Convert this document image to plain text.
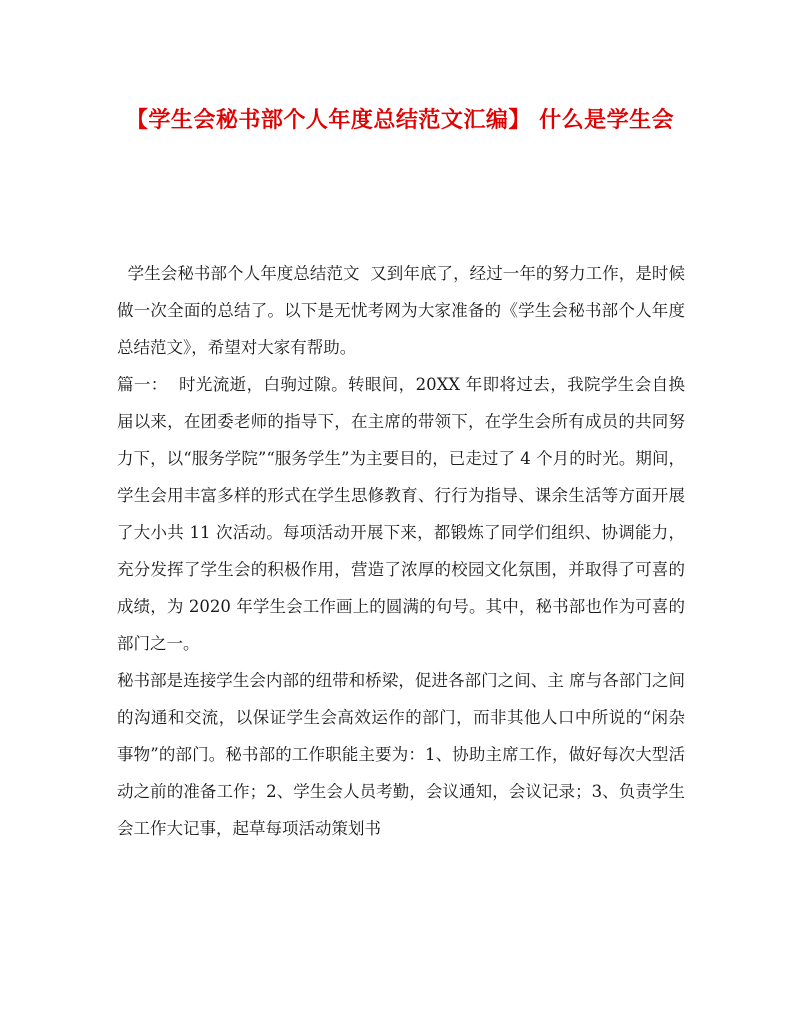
【学生会秘书部个人年度总结范文汇编】 什么是学生会

学生会秘书部个人年度总结范文  又到年底了，经过一年的努力工作，是时候做一次全面的总结了。以下是无忧考网为大家准备的《学生会秘书部个人年度总结范文》，希望对大家有帮助。

篇一：  时光流逝，白驹过隙。转眼间，20XX 年即将过去，我院学生会自换届以来，在团委老师的指导下，在主席的带领下，在学生会所有成员的共同努力下，以“服务学院”“服务学生”为主要目的，已走过了 4 个月的时光。期间，学生会用丰富多样的形式在学生思修教育、行行为指导、课余生活等方面开展了大小共 11 次活动。每项活动开展下来，都锻炼了同学们组织、协调能力，充分发挥了学生会的积极作用，营造了浓厚的校园文化氛围，并取得了可喜的成绩，为 2020 年学生会工作画上的圆满的句号。其中，秘书部也作为可喜的部门之一。

秘书部是连接学生会内部的纽带和桥梁，促进各部门之间、主 席与各部门之间的沟通和交流，以保证学生会高效运作的部门，而非其他人口中所说的“闲杂事物”的部门。秘书部的工作职能主要为：1、协助主席工作，做好每次大型活动之前的准备工作；2、学生会人员考勤，会议通知，会议记录；3、负责学生会工作大记事，起草每项活动策划书
